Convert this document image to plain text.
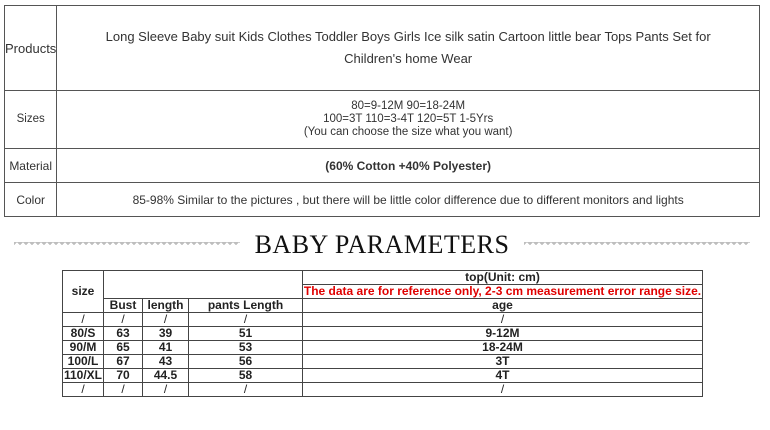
Products	Long Sleeve Baby suit Kids Clothes Toddler Boys Girls Ice silk satin Cartoon little bear Tops Pants Set for Children's home Wear

Sizes	80=9-12M 90=18-24M
100=3T 110=3-4T 120=5T 1-5Yrs
(You can choose the size what you want)

Material	(60% Cotton +40% Polyester)
Color	85-98% Similar to the pictures , but there will be little color difference due to different monitors and lights
BABY PARAMETERS
size				top(Unit: cm)
				The data are for reference only, 2-3 cm measurement error range size.
	Bust	length	pants Length	age
/	/	/	/	/
80/S	63	39	51	9-12M
90/M	65	41	53	18-24M
100/L	67	43	56	3T
110/XL	70	44.5	58	4T
/	/	/	/	/
